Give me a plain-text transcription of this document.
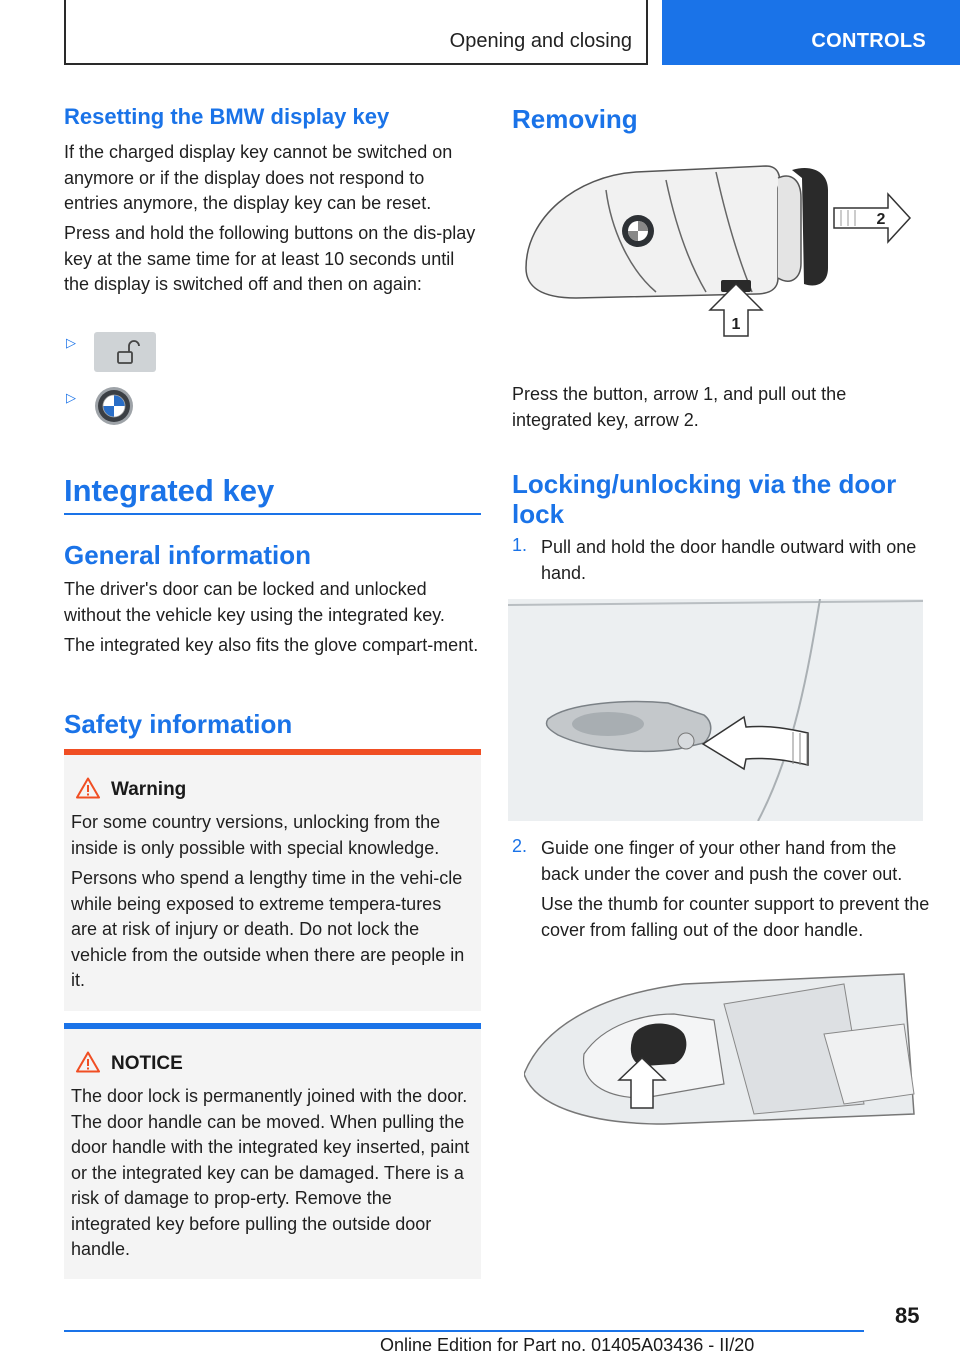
Opening and closing	CONTROLS
Resetting the BMW display key
If the charged display key cannot be switched on anymore or if the display does not respond to entries anymore, the display key can be reset.
Press and hold the following buttons on the dis-play key at the same time for at least 10 seconds until the display is switched off and then on again:
▷
▷
Integrated key
General information
The driver's door can be locked and unlocked without the vehicle key using the integrated key.
The integrated key also fits the glove compart-ment.
Safety information
Warning
For some country versions, unlocking from the inside is only possible with special knowledge.
Persons who spend a lengthy time in the vehi-cle while being exposed to extreme tempera-tures are at risk of injury or death. Do not lock the vehicle from the outside when there are people in it.
NOTICE
The door lock is permanently joined with the door. The door handle can be moved. When pulling the door handle with the integrated key inserted, paint or the integrated key can be damaged. There is a risk of damage to prop-erty. Remove the integrated key before pulling the outside door handle.
Removing
1
2
Press the button, arrow 1, and pull out the integrated key, arrow 2.
Locking/unlocking via the door lock
1. Pull and hold the door handle outward with one hand.
2. Guide one finger of your other hand from the back under the cover and push the cover out.
Use the thumb for counter support to prevent the cover from falling out of the door handle.
85
Online Edition for Part no. 01405A03436 - II/20
